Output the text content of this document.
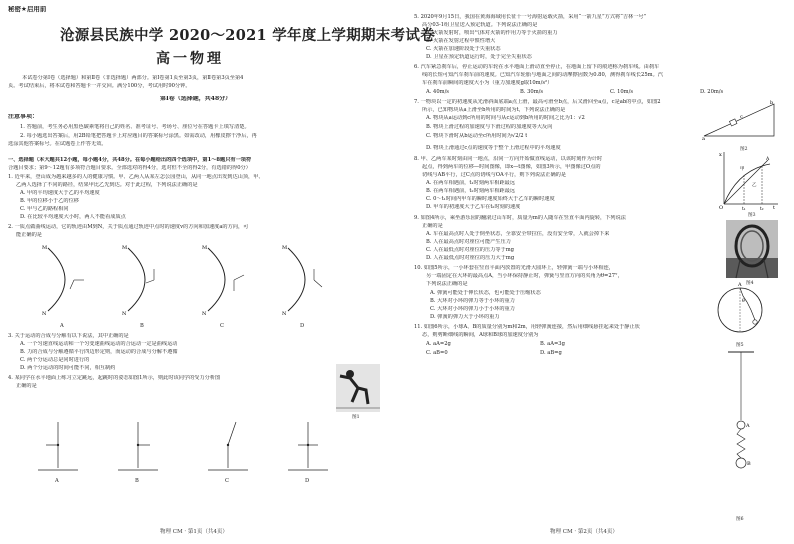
秘密★启用前
沧源县民族中学 2020～2021 学年度上学期期末考试卷
高一物理
本试卷分第Ⅰ卷（选择题）和第Ⅱ卷（非选择题）两部分。第Ⅰ卷第1页至第3页，第Ⅱ卷第3页至第4
页。考试结束后，将本试卷和答题卡一并交回。满分100分，考试用时90分钟。
第Ⅰ卷（选择题，共48分）
注意事项：
1. 答题前，考生务必用黑色碳素笔将自己的姓名、准考证号、考场号、座位号在答题卡上填写清楚。
2. 每小题选出答案后，用2B铅笔把答题卡上对应题目的答案标号涂黑。如需改动，用橡皮擦干净后，再
选涂其他答案标号。在试题卷上作答无效。
一、选择题（本大题共12小题，每小题4分，共48分。在每小题给出的四个选项中，第1～8题只有一项符
合题目要求；第9～12题有多项符合题目要求。全部选对的得4分，选对但不全的得2分，有选错的得0分）
1. 近年来，登山成为越来越多的人的健康习惯。甲、乙两人从某左怎公园登山，从同一地点出发到达山顶，甲、
乙两人选择了不同的路径，结果甲比乙先到达。对于此过程，下列说法正确的是
A. 甲的平均速度大于乙的平均速度
B. 甲的位移小于乙的位移
C. 甲与乙的路程相同
D. 在比较平均速度大小时，两人不能看成质点
2. 一质点做曲线运动，它的轨迹由M到N，关于质点通过轨迹中点时的速度v的方向和加速度a的方向，可
能正确的是
M
N
A
M
N
B
M
N
C
M
N
D
3. 关于运动的合成与分解有以下说法，其中正确的是
A. 一个匀速直线运动和一个匀变速曲线运动的合运动一定是曲线运动
B. 力的合成与分解遵循平行四边形定则，而运动的合成与分解不遵循
C. 两个分运动总是同时进行的
D. 两个分运动的时间可能不同，相互制约
4. 某同学在水平地面上练习立定跳远，起跳时的姿态如图1所示，则此时该同学的受力分析图
正确的是
图1
A	B	C	D
物理 CM · 第1页（共4页）
5. 2020年9月15日，我国在黄海海域用长征十一号海射运载火箭，采用“一箭九星”方式将“吉林一号”
高分03-1组卫星送入预定轨道。下列说法正确的是
A. 火箭发射时，喷出气体对火箭的作用力等于火箭的重力
B. 火箭在发射过程中惯性增大
C. 火箭在加速阶段处于失重状态
D. 卫星在预定轨道运行时，处于完全失重状态
6. 汽车紧急刹车后，停止运动的车轮在水平地面上滑动直至停止，在地面上留下的痕迹称为刹车线。由刹车
线的长短可知汽车刹车前的速度。已知汽车轮胎与地面之间的动摩擦因数为0.80，测得刹车线长25m。汽
车在刹车前瞬间的速度大小为（重力加速度g取10m/s²）
A. 40m/s	B. 30m/s	C. 10m/s	D. 20m/s
7. 一物块以一定的初速度从光滑斜面底端a点上滑，最高可滑至b点，后又滑回至a点，c是ab的中点，如图2
所示，已知物块从a上滑至b所用的时间为t，下列说法正确的是
A. 物块从a运动到c所用的时间与从c运动到b所用的时间之比为1：√2
B. 物块上滑过程的加速度与下滑过程的加速度等大反向
C. 物块下滑时从b运动至c所用时间为√2/2 t
D. 物块上滑通过c点的速度等于整个上滑过程中的平均速度
a
c
b
图2
8. 甲、乙两车某时刻由同一地点，沿同一方向开始做直线运动，以该时刻作为计时
起点，得到两车的位移—时间图像，即x—t图像，如图3所示，甲图像过O点的
切线与AB平行，过C点的切线与OA平行，则下列说法正确的是
A. 在两车相遇前，t₁时刻两车相距最远
B. 在两车相遇前，t₂时刻两车相距最远
C. 0～t₁时间内甲车的瞬时速度始终大于乙车的瞬时速度
D. 甲车的初速度大于乙车在t₂时刻的速度	O	t
x
甲
乙
A
t₁	t₂
图3
9. 如图4所示，乘坐游乐园的翻滚过山车时，质量为m的人随车在竖直平面内旋转，下列说法
正确的是
A. 车在最高点时人处于倒坐状态，全靠安全带拉住，没有安全带，人就会掉下来
B. 人在最高点时对座位可能产生压力
C. 人在最低点时对座位的压力等于mg
D. 人在最低点时对座位的压力大于mg
图4
10. 如图5所示，一小环套在竖直平面内放置的光滑大圆环上，轻弹簧一端与小环相连，
另一端固定在大环的最高点A，当小环保持静止时，弹簧与竖直方向的夹角为θ=27°，
下列说法正确的是
A. 弹簧可能处于伸长状态，也可能处于压缩状态
B. 大环对小环的弹力等于小环的重力
C. 大环对小环的弹力小于小环的重力
D. 弹簧的弹力大于小环的重力
A
θ
图5
11. 如图6所示，小球A、B的质量分别为m和2m，用轻弹簧连接，然后用细线悬挂起来处于静止状
态，则剪断细线的瞬间，A球和B球的加速度分别为
A. aA=2g	B. aA=3g
C. aB=0	D. aB=g
A
B
图6
物理 CM · 第2页（共4页）
